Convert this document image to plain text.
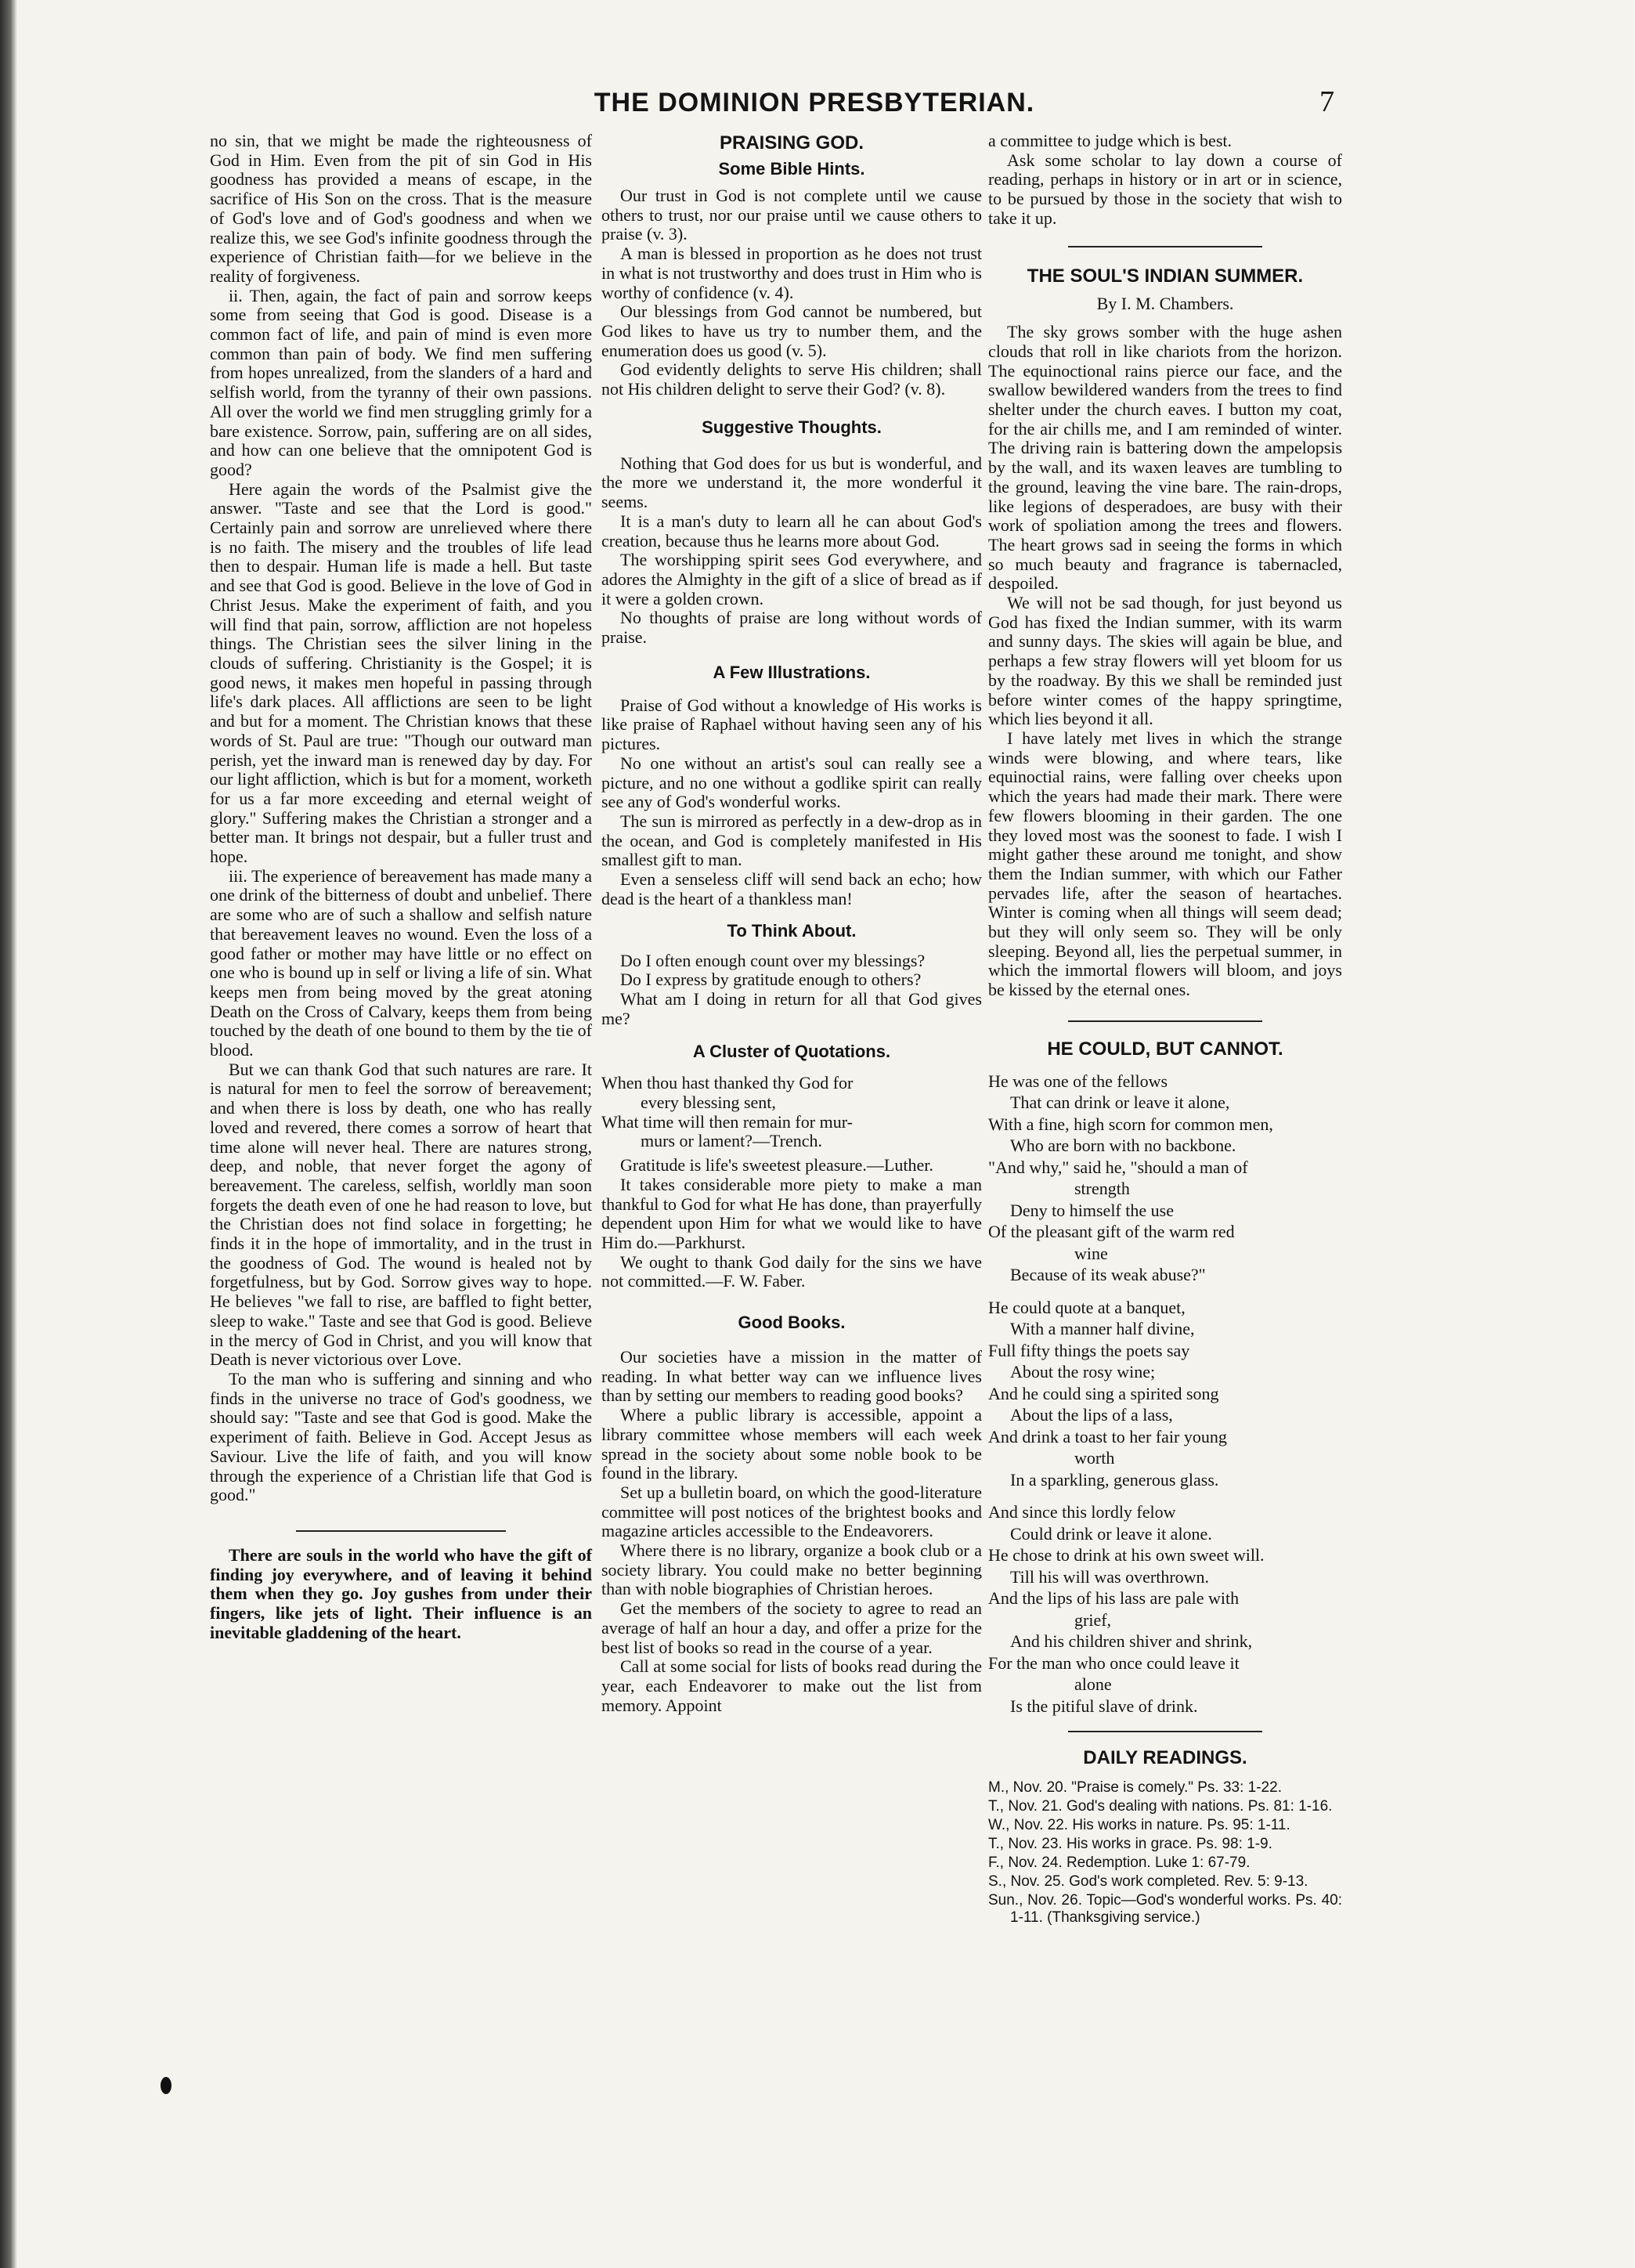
THE DOMINION PRESBYTERIAN.	7

no sin, that we might be made the righteousness of God in Him. Even from the pit of sin God in His goodness has provided a means of escape, in the sacrifice of His Son on the cross. That is the measure of God's love and of God's goodness and when we realize this, we see God's infinite goodness through the experience of Christian faith—for we believe in the reality of forgiveness.

ii. Then, again, the fact of pain and sorrow keeps some from seeing that God is good. Disease is a common fact of life, and pain of mind is even more common than pain of body. We find men suffering from hopes unrealized, from the slanders of a hard and selfish world, from the tyranny of their own passions. All over the world we find men struggling grimly for a bare existence. Sorrow, pain, suffering are on all sides, and how can one believe that the omnipotent God is good?

Here again the words of the Psalmist give the answer. "Taste and see that the Lord is good." Certainly pain and sorrow are unrelieved where there is no faith. The misery and the troubles of life lead then to despair. Human life is made a hell. But taste and see that God is good. Believe in the love of God in Christ Jesus. Make the experiment of faith, and you will find that pain, sorrow, affliction are not hopeless things. The Christian sees the silver lining in the clouds of suffering. Christianity is the Gospel; it is good news, it makes men hopeful in passing through life's dark places. All afflictions are seen to be light and but for a moment. The Christian knows that these words of St. Paul are true: "Though our outward man perish, yet the inward man is renewed day by day. For our light affliction, which is but for a moment, worketh for us a far more exceeding and eternal weight of glory." Suffering makes the Christian a stronger and a better man. It brings not despair, but a fuller trust and hope.

iii. The experience of bereavement has made many a one drink of the bitterness of doubt and unbelief. There are some who are of such a shallow and selfish nature that bereavement leaves no wound. Even the loss of a good father or mother may have little or no effect on one who is bound up in self or living a life of sin. What keeps men from being moved by the great atoning Death on the Cross of Calvary, keeps them from being touched by the death of one bound to them by the tie of blood.

But we can thank God that such natures are rare. It is natural for men to feel the sorrow of bereavement; and when there is loss by death, one who has really loved and revered, there comes a sorrow of heart that time alone will never heal. There are natures strong, deep, and noble, that never forget the agony of bereavement. The careless, selfish, worldly man soon forgets the death even of one he had reason to love, but the Christian does not find solace in forgetting; he finds it in the hope of immortality, and in the trust in the goodness of God. The wound is healed not by forgetfulness, but by God. Sorrow gives way to hope. He believes "we fall to rise, are baffled to fight better, sleep to wake." Taste and see that God is good. Believe in the mercy of God in Christ, and you will know that Death is never victorious over Love.

To the man who is suffering and sinning and who finds in the universe no trace of God's goodness, we should say: "Taste and see that God is good. Make the experiment of faith. Believe in God. Accept Jesus as Saviour. Live the life of faith, and you will know through the experience of a Christian life that God is good."

There are souls in the world who have the gift of finding joy everywhere, and of leaving it behind them when they go. Joy gushes from under their fingers, like jets of light. Their influence is an inevitable gladdening of the heart.

PRAISING GOD.
Some Bible Hints.

Our trust in God is not complete until we cause others to trust, nor our praise until we cause others to praise (v. 3).

A man is blessed in proportion as he does not trust in what is not trustworthy and does trust in Him who is worthy of confidence (v. 4).

Our blessings from God cannot be numbered, but God likes to have us try to number them, and the enumeration does us good (v. 5).

God evidently delights to serve His children; shall not His children delight to serve their God? (v. 8).

Suggestive Thoughts.

Nothing that God does for us but is wonderful, and the more we understand it, the more wonderful it seems.

It is a man's duty to learn all he can about God's creation, because thus he learns more about God.

The worshipping spirit sees God everywhere, and adores the Almighty in the gift of a slice of bread as if it were a golden crown.

No thoughts of praise are long without words of praise.

A Few Illustrations.

Praise of God without a knowledge of His works is like praise of Raphael without having seen any of his pictures.

No one without an artist's soul can really see a picture, and no one without a godlike spirit can really see any of God's wonderful works.

The sun is mirrored as perfectly in a dew-drop as in the ocean, and God is completely manifested in His smallest gift to man.

Even a senseless cliff will send back an echo; how dead is the heart of a thankless man!

To Think About.

Do I often enough count over my blessings?

Do I express by gratitude enough to others?

What am I doing in return for all that God gives me?

A Cluster of Quotations.
When thou hast thanked thy God for
every blessing sent,
What time will then remain for mur-
murs or lament?—Trench.

Gratitude is life's sweetest pleasure.—Luther.

It takes considerable more piety to make a man thankful to God for what He has done, than prayerfully dependent upon Him for what we would like to have Him do.—Parkhurst.

We ought to thank God daily for the sins we have not committed.—F. W. Faber.

Good Books.

Our societies have a mission in the matter of reading. In what better way can we influence lives than by setting our members to reading good books?

Where a public library is accessible, appoint a library committee whose members will each week spread in the society about some noble book to be found in the library.

Set up a bulletin board, on which the good-literature committee will post notices of the brightest books and magazine articles accessible to the Endeavorers.

Where there is no library, organize a book club or a society library. You could make no better beginning than with noble biographies of Christian heroes.

Get the members of the society to agree to read an average of half an hour a day, and offer a prize for the best list of books so read in the course of a year.

Call at some social for lists of books read during the year, each Endeavorer to make out the list from memory. Appoint

a committee to judge which is best.

Ask some scholar to lay down a course of reading, perhaps in history or in art or in science, to be pursued by those in the society that wish to take it up.

THE SOUL'S INDIAN SUMMER.
By I. M. Chambers.

The sky grows somber with the huge ashen clouds that roll in like chariots from the horizon. The equinoctional rains pierce our face, and the swallow bewildered wanders from the trees to find shelter under the church eaves. I button my coat, for the air chills me, and I am reminded of winter. The driving rain is battering down the ampelopsis by the wall, and its waxen leaves are tumbling to the ground, leaving the vine bare. The rain-drops, like legions of desperadoes, are busy with their work of spoliation among the trees and flowers. The heart grows sad in seeing the forms in which so much beauty and fragrance is tabernacled, despoiled.

We will not be sad though, for just beyond us God has fixed the Indian summer, with its warm and sunny days. The skies will again be blue, and perhaps a few stray flowers will yet bloom for us by the roadway. By this we shall be reminded just before winter comes of the happy springtime, which lies beyond it all.

I have lately met lives in which the strange winds were blowing, and where tears, like equinoctial rains, were falling over cheeks upon which the years had made their mark. There were few flowers blooming in their garden. The one they loved most was the soonest to fade. I wish I might gather these around me tonight, and show them the Indian summer, with which our Father pervades life, after the season of heartaches. Winter is coming when all things will seem dead; but they will only seem so. They will be only sleeping. Beyond all, lies the perpetual summer, in which the immortal flowers will bloom, and joys be kissed by the eternal ones.

HE COULD, BUT CANNOT.
He was one of the fellows
That can drink or leave it alone,
With a fine, high scorn for common men,
Who are born with no backbone.
"And why," said he, "should a man of
strength
Deny to himself the use
Of the pleasant gift of the warm red
wine
Because of its weak abuse?"
He could quote at a banquet,
With a manner half divine,
Full fifty things the poets say
About the rosy wine;
And he could sing a spirited song
About the lips of a lass,
And drink a toast to her fair young
worth
In a sparkling, generous glass.
And since this lordly felow
Could drink or leave it alone.
He chose to drink at his own sweet will.
Till his will was overthrown.
And the lips of his lass are pale with
grief,
And his children shiver and shrink,
For the man who once could leave it
alone
Is the pitiful slave of drink.
DAILY READINGS.
M., Nov. 20. "Praise is comely." Ps. 33: 1-22.
T., Nov. 21. God's dealing with nations. Ps. 81: 1-16.
W., Nov. 22. His works in nature. Ps. 95: 1-11.
T., Nov. 23. His works in grace. Ps. 98: 1-9.
F., Nov. 24. Redemption. Luke 1: 67-79.
S., Nov. 25. God's work completed. Rev. 5: 9-13.
Sun., Nov. 26. Topic—God's wonderful works. Ps. 40: 1-11. (Thanksgiving service.)
